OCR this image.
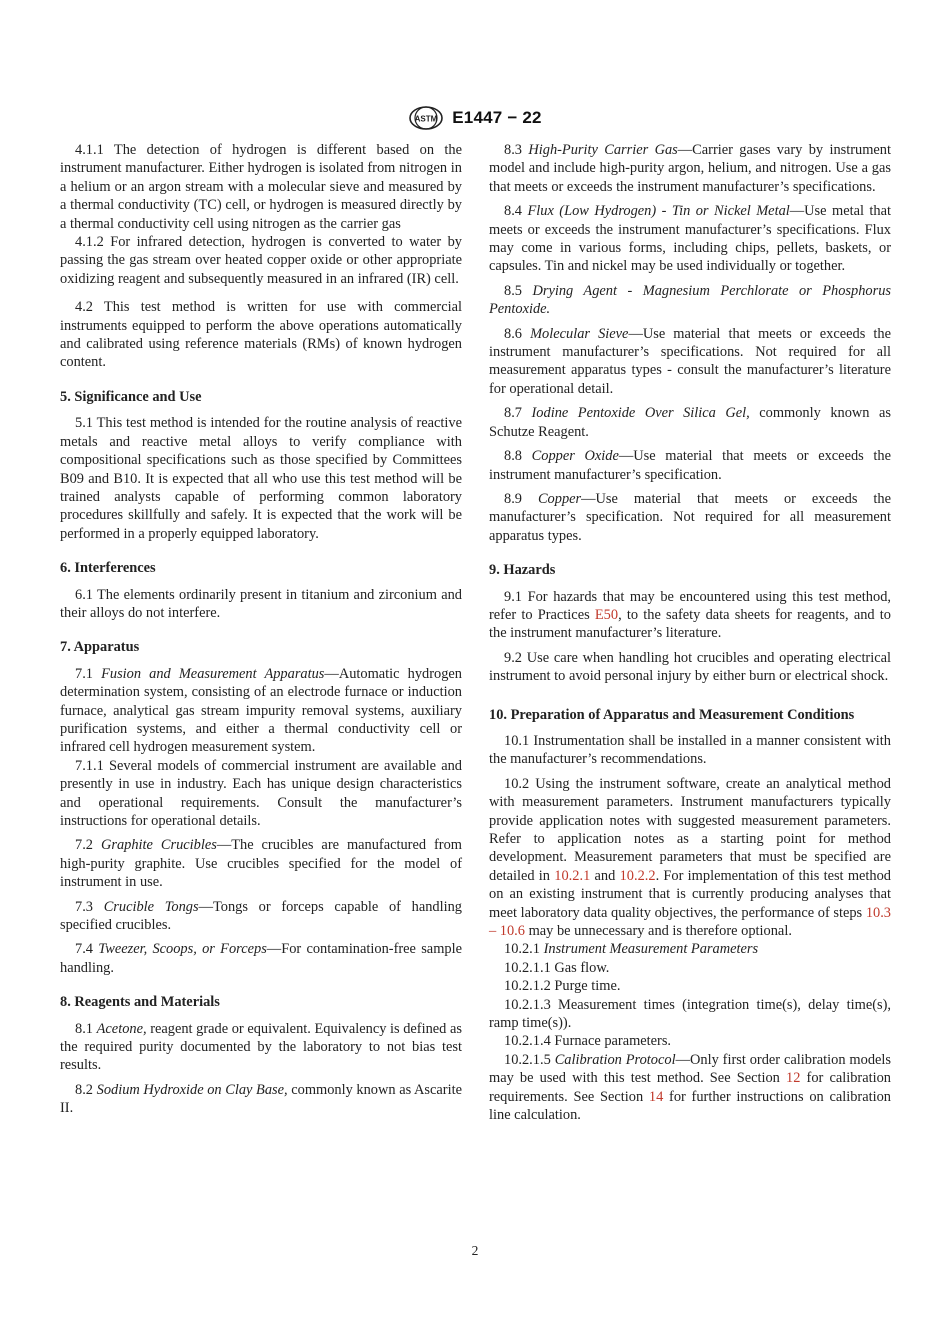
ASTM E1447 − 22

4.1.1 The detection of hydrogen is different based on the instrument manufacturer. Either hydrogen is isolated from nitrogen in a helium or an argon stream with a molecular sieve and measured by a thermal conductivity (TC) cell, or hydrogen is measured directly by a thermal conductivity cell using nitrogen as the carrier gas

4.1.2 For infrared detection, hydrogen is converted to water by passing the gas stream over heated copper oxide or other appropriate oxidizing reagent and subsequently measured in an infrared (IR) cell.

4.2 This test method is written for use with commercial instruments equipped to perform the above operations automatically and calibrated using reference materials (RMs) of known hydrogen content.

5. Significance and Use

5.1 This test method is intended for the routine analysis of reactive metals and reactive metal alloys to verify compliance with compositional specifications such as those specified by Committees B09 and B10. It is expected that all who use this test method will be trained analysts capable of performing common laboratory procedures skillfully and safely. It is expected that the work will be performed in a properly equipped laboratory.

6. Interferences

6.1 The elements ordinarily present in titanium and zirconium and their alloys do not interfere.

7. Apparatus

7.1 Fusion and Measurement Apparatus—Automatic hydrogen determination system, consisting of an electrode furnace or induction furnace, analytical gas stream impurity removal systems, auxiliary purification systems, and either a thermal conductivity cell or infrared cell hydrogen measurement system.

7.1.1 Several models of commercial instrument are available and presently in use in industry. Each has unique design characteristics and operational requirements. Consult the manufacturer’s instructions for operational details.

7.2 Graphite Crucibles—The crucibles are manufactured from high-purity graphite. Use crucibles specified for the model of instrument in use.

7.3 Crucible Tongs—Tongs or forceps capable of handling specified crucibles.

7.4 Tweezer, Scoops, or Forceps—For contamination-free sample handling.

8. Reagents and Materials

8.1 Acetone, reagent grade or equivalent. Equivalency is defined as the required purity documented by the laboratory to not bias test results.

8.2 Sodium Hydroxide on Clay Base, commonly known as Ascarite II.

8.3 High-Purity Carrier Gas—Carrier gases vary by instrument model and include high-purity argon, helium, and nitrogen. Use a gas that meets or exceeds the instrument manufacturer’s specifications.

8.4 Flux (Low Hydrogen) - Tin or Nickel Metal—Use metal that meets or exceeds the instrument manufacturer’s specifications. Flux may come in various forms, including chips, pellets, baskets, or capsules. Tin and nickel may be used individually or together.

8.5 Drying Agent - Magnesium Perchlorate or Phosphorus Pentoxide.

8.6 Molecular Sieve—Use material that meets or exceeds the instrument manufacturer’s specifications. Not required for all measurement apparatus types - consult the manufacturer’s literature for operational detail.

8.7 Iodine Pentoxide Over Silica Gel, commonly known as Schutze Reagent.

8.8 Copper Oxide—Use material that meets or exceeds the instrument manufacturer’s specification.

8.9 Copper—Use material that meets or exceeds the manufacturer’s specification. Not required for all measurement apparatus types.

9. Hazards

9.1 For hazards that may be encountered using this test method, refer to Practices E50, to the safety data sheets for reagents, and to the instrument manufacturer’s literature.

9.2 Use care when handling hot crucibles and operating electrical instrument to avoid personal injury by either burn or electrical shock.

10. Preparation of Apparatus and Measurement Conditions

10.1 Instrumentation shall be installed in a manner consistent with the manufacturer’s recommendations.

10.2 Using the instrument software, create an analytical method with measurement parameters. Instrument manufacturers typically provide application notes with suggested measurement parameters. Refer to application notes as a starting point for method development. Measurement parameters that must be specified are detailed in 10.2.1 and 10.2.2. For implementation of this test method on an existing instrument that is currently producing analyses that meet laboratory data quality objectives, the performance of steps 10.3 – 10.6 may be unnecessary and is therefore optional.

10.2.1 Instrument Measurement Parameters

10.2.1.1 Gas flow.

10.2.1.2 Purge time.

10.2.1.3 Measurement times (integration time(s), delay time(s), ramp time(s)).

10.2.1.4 Furnace parameters.

10.2.1.5 Calibration Protocol—Only first order calibration models may be used with this test method. See Section 12 for calibration requirements. See Section 14 for further instructions on calibration line calculation.

2
